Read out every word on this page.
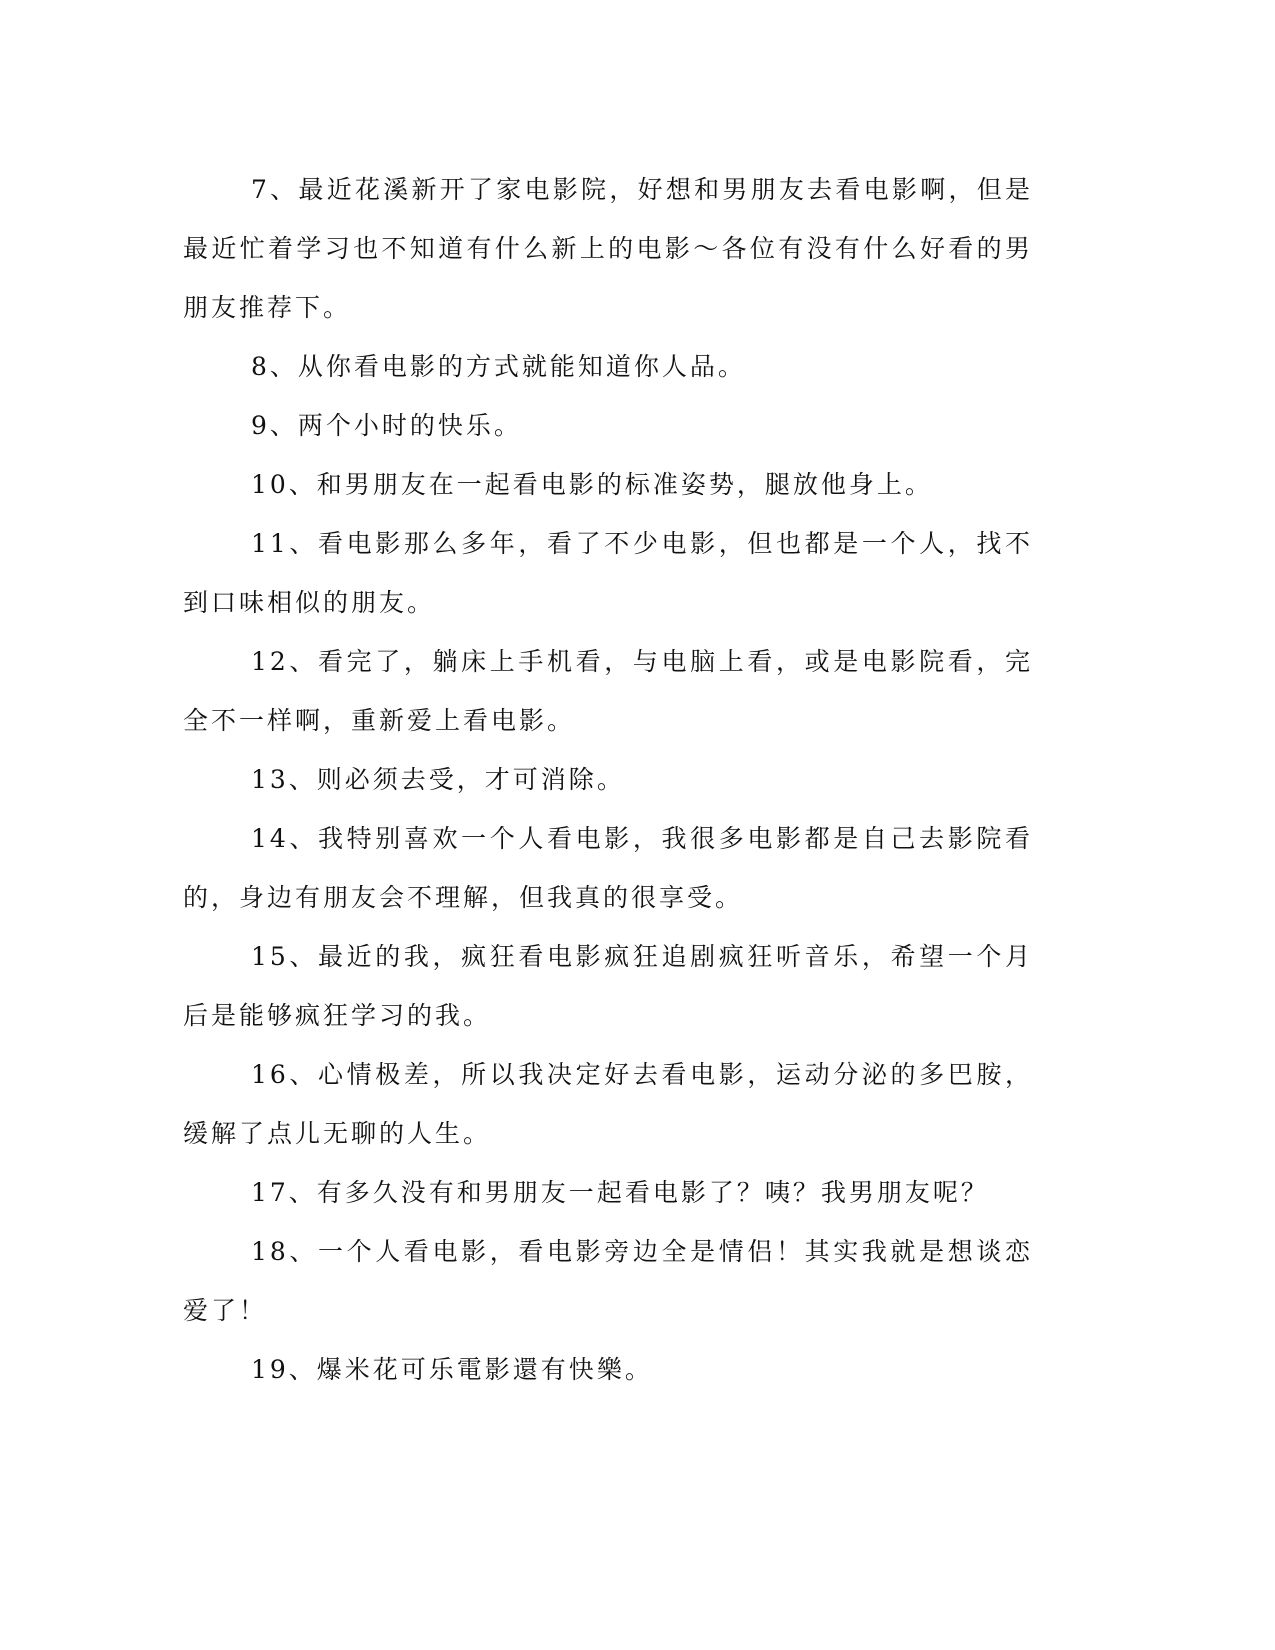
7、最近花溪新开了家电影院，好想和男朋友去看电影啊，但是最近忙着学习也不知道有什么新上的电影～各位有没有什么好看的男朋友推荐下。

8、从你看电影的方式就能知道你人品。

9、两个小时的快乐。

10、和男朋友在一起看电影的标准姿势，腿放他身上。

11、看电影那么多年，看了不少电影，但也都是一个人，找不到口味相似的朋友。

12、看完了，躺床上手机看，与电脑上看，或是电影院看，完全不一样啊，重新爱上看电影。

13、则必须去受，才可消除。

14、我特别喜欢一个人看电影，我很多电影都是自己去影院看的，身边有朋友会不理解，但我真的很享受。

15、最近的我，疯狂看电影疯狂追剧疯狂听音乐，希望一个月后是能够疯狂学习的我。

16、心情极差，所以我决定好去看电影，运动分泌的多巴胺，缓解了点儿无聊的人生。

17、有多久没有和男朋友一起看电影了？咦？我男朋友呢？

18、一个人看电影，看电影旁边全是情侣！其实我就是想谈恋爱了！

19、爆米花可乐電影還有快樂。
